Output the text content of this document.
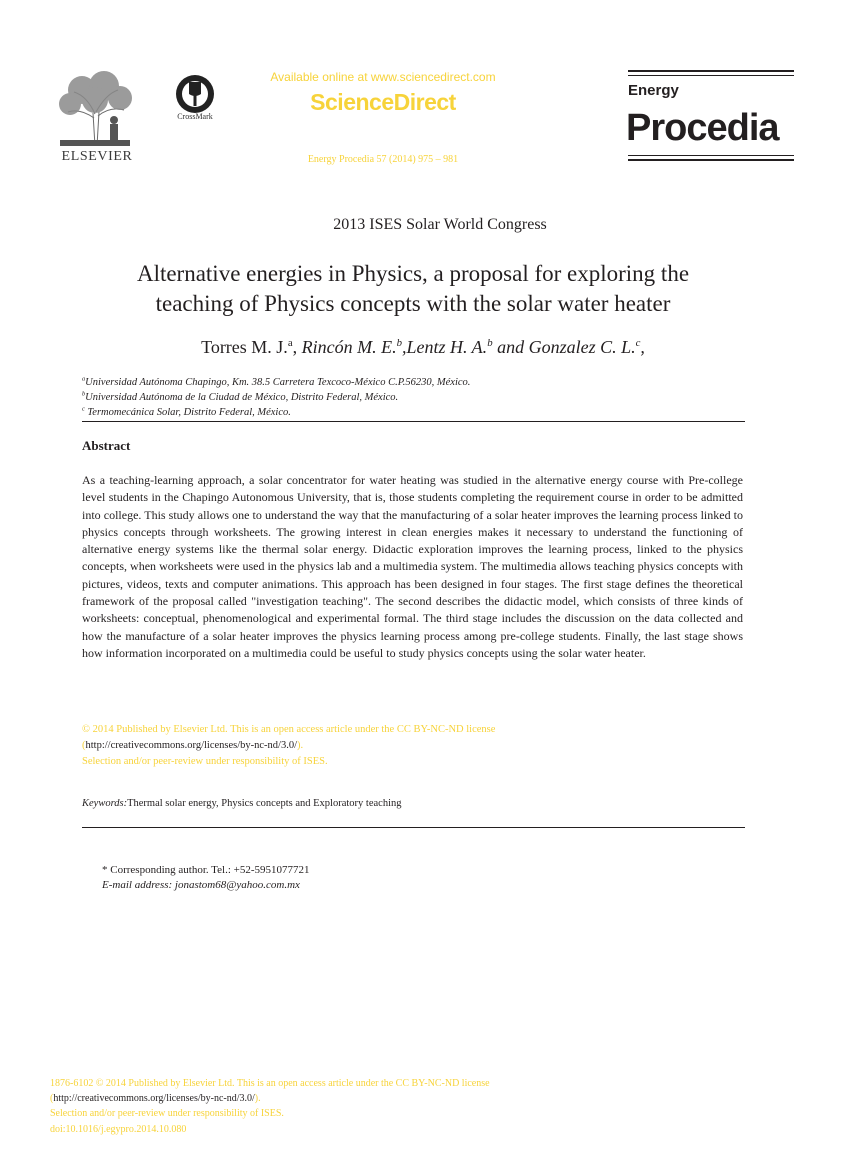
ELSEVIER
CrossMark
Available online at www.sciencedirect.com
ScienceDirect
Energy Procedia 57 (2014) 975 – 981
Energy
Procedia
2013 ISES Solar World Congress
Alternative energies in Physics, a proposal for exploring the
teaching of Physics concepts with the solar water heater
Torres M. J.$^a$, Rincón M. E.$^b$,Lentz H. A.$^b$ and Gonzalez C. L.$^c$,
$^a$Universidad Autónoma Chapingo, Km. 38.5 Carretera Texcoco-México C.P.56230, México.
$^b$Universidad Autónoma de la Ciudad de México, Distrito Federal, México.
$^c$ Termomecánica Solar, Distrito Federal, México.
Abstract
As a teaching-learning approach, a solar concentrator for water heating was studied in the alternative energy course with Pre-college level students in the Chapingo Autonomous University, that is, those students completing the requirement course in order to be admitted into college. This study allows one to understand the way that the manufacturing of a solar heater improves the learning process linked to physics concepts through worksheets. The growing interest in clean energies makes it necessary to understand the functioning of alternative energy systems like the thermal solar energy. Didactic exploration improves the learning process, linked to the physics concepts, when worksheets were used in the physics lab and a multimedia system. The multimedia allows teaching physics concepts with pictures, videos, texts and computer animations. This approach has been designed in four stages. The first stage defines the theoretical framework of the proposal called "investigation teaching". The second describes the didactic model, which consists of three kinds of worksheets: conceptual, phenomenological and experimental formal. The third stage includes the discussion on the data collected and how the manufacture of a solar heater improves the physics learning process among pre-college students. Finally, the last stage shows how information incorporated on a multimedia could be useful to study physics concepts using the solar water heater.
© 2014 Published by Elsevier Ltd. This is an open access article under the CC BY-NC-ND license
(http://creativecommons.org/licenses/by-nc-nd/3.0/).
Selection and/or peer-review under responsibility of ISES.
Keywords:Thermal solar energy, Physics concepts and Exploratory teaching
* Corresponding author. Tel.: +52-5951077721
E-mail address: jonastom68@yahoo.com.mx
1876-6102 © 2014 Published by Elsevier Ltd. This is an open access article under the CC BY-NC-ND license
(http://creativecommons.org/licenses/by-nc-nd/3.0/).
Selection and/or peer-review under responsibility of ISES.
doi:10.1016/j.egypro.2014.10.080
